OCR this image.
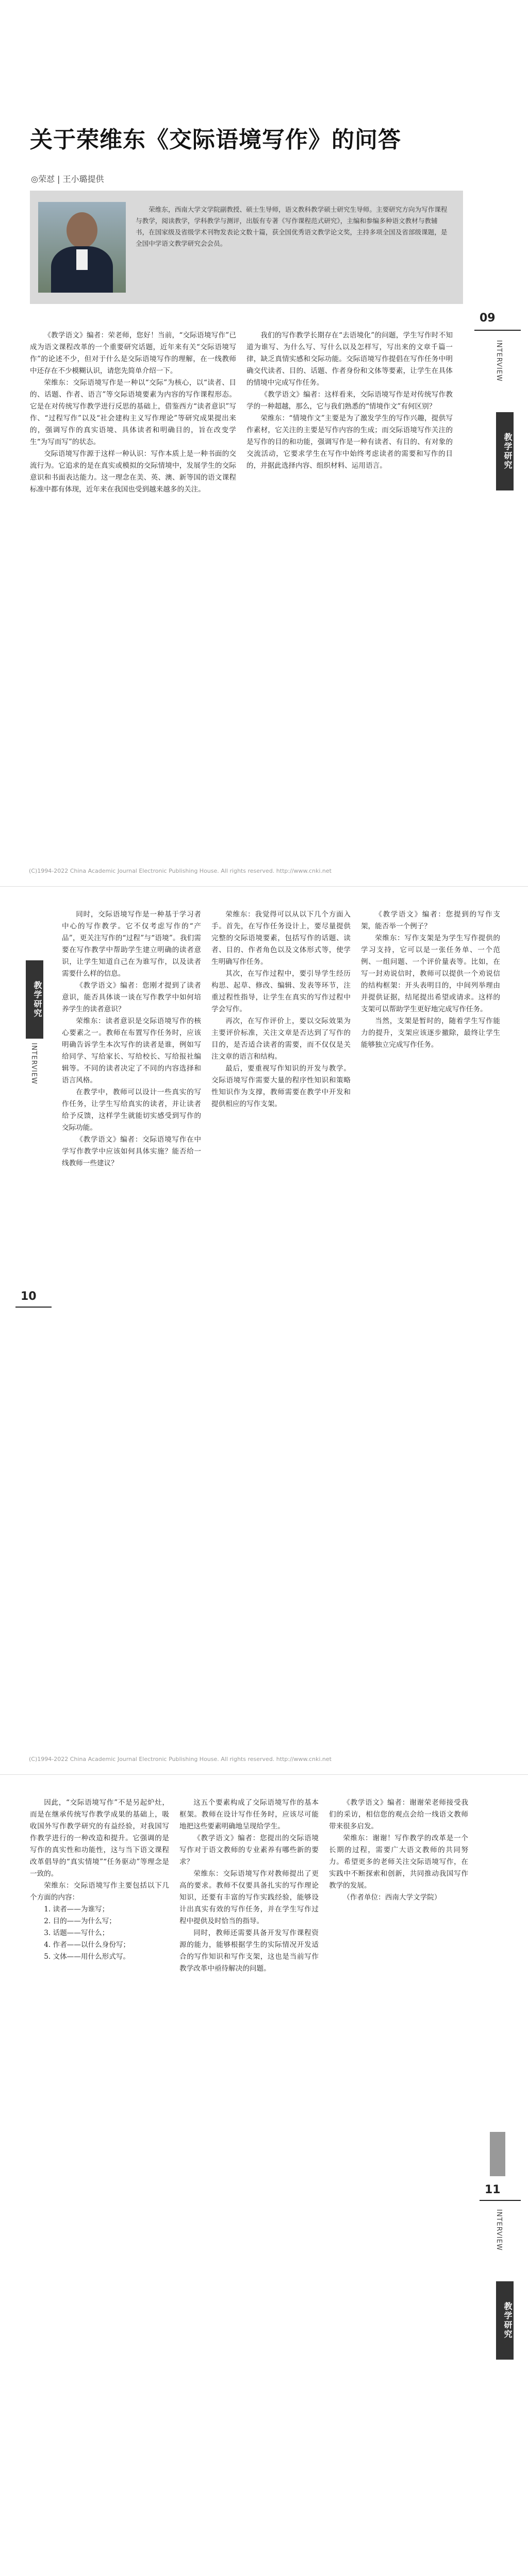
关于荣维东《交际语境写作》的问答
◎荣怼 | 王小璐提供
荣维东，西南大学文学院副教授、硕士生导师，语文教科教学硕士研究生导师。主要研究方向为写作课程与教学，阅读教学，学科教学与测评，出版有专著《写作课程范式研究》，主编和参编多种语文教材与教辅书，在国家级及省级学术刊物发表论文数十篇，获全国优秀语文教学论文奖，主持多项全国及省部级课题，是全国中学语文教学研究会会员。

《教学语文》编者：荣老师，您好！当前，“交际语境写作”已成为语文课程改革的一个重要研究话题，近年来有关“交际语境写作”的论述不少，但对于什么是交际语境写作的理解，在一线教师中还存在不少模糊认识，请您先简单介绍一下。

荣维东：交际语境写作是一种以“交际”为核心，以“读者、目的、话题、作者、语言”等交际语境要素为内容的写作课程形态。它是在对传统写作教学进行反思的基础上，借鉴西方“读者意识”写作、“过程写作”以及“社会建构主义写作理论”等研究成果提出来的，强调写作的真实语境、具体读者和明确目的，旨在改变学生“为写而写”的状态。

交际语境写作源于这样一种认识：写作本质上是一种书面的交流行为。它追求的是在真实或模拟的交际情境中，发展学生的交际意识和书面表达能力。这一理念在美、英、澳、新等国的语文课程标准中都有体现，近年来在我国也受到越来越多的关注。

我们的写作教学长期存在“去语境化”的问题，学生写作时不知道为谁写、为什么写、写什么以及怎样写，写出来的文章千篇一律，缺乏真情实感和交际功能。交际语境写作提倡在写作任务中明确交代读者、目的、话题、作者身份和文体等要素，让学生在具体的情境中完成写作任务。

《教学语文》编者：这样看来，交际语境写作是对传统写作教学的一种超越，那么，它与我们熟悉的“情境作文”有何区别？

荣维东：“情境作文”主要是为了激发学生的写作兴趣，提供写作素材，它关注的主要是写作内容的生成；而交际语境写作关注的是写作的目的和功能，强调写作是一种有读者、有目的、有对象的交流活动，它要求学生在写作中始终考虑读者的需要和写作的目的，并据此选择内容、组织材料、运用语言。

09
INTERVIEW
教学研究
(C)1994-2022 China Academic Journal Electronic Publishing House. All rights reserved. http://www.cnki.net

同时，交际语境写作是一种基于学习者中心的写作教学。它不仅考虑写作的“产品”，更关注写作的“过程”与“语境”。我们需要在写作教学中帮助学生建立明确的读者意识，让学生知道自己在为谁写作，以及读者需要什么样的信息。

《教学语文》编者：您刚才提到了读者意识，能否具体谈一谈在写作教学中如何培养学生的读者意识？

荣维东：读者意识是交际语境写作的核心要素之一。教师在布置写作任务时，应该明确告诉学生本次写作的读者是谁，例如写给同学、写给家长、写给校长、写给报社编辑等。不同的读者决定了不同的内容选择和语言风格。

在教学中，教师可以设计一些真实的写作任务，让学生写给真实的读者，并让读者给予反馈，这样学生就能切实感受到写作的交际功能。

《教学语文》编者：交际语境写作在中学写作教学中应该如何具体实施？能否给一线教师一些建议？

荣维东：我觉得可以从以下几个方面入手。首先，在写作任务设计上，要尽量提供完整的交际语境要素，包括写作的话题、读者、目的、作者角色以及文体形式等，使学生明确写作任务。

其次，在写作过程中，要引导学生经历构思、起草、修改、编辑、发表等环节，注重过程性指导，让学生在真实的写作过程中学会写作。

再次，在写作评价上，要以交际效果为主要评价标准，关注文章是否达到了写作的目的，是否适合读者的需要，而不仅仅是关注文章的语言和结构。

最后，要重视写作知识的开发与教学。交际语境写作需要大量的程序性知识和策略性知识作为支撑，教师需要在教学中开发和提供相应的写作支架。

《教学语文》编者：您提到的写作支架，能否举一个例子？

荣维东：写作支架是为学生写作提供的学习支持，它可以是一张任务单、一个范例、一组问题、一个评价量表等。比如，在写一封劝说信时，教师可以提供一个劝说信的结构框架：开头表明目的，中间列举理由并提供证据，结尾提出希望或请求。这样的支架可以帮助学生更好地完成写作任务。

当然，支架是暂时的，随着学生写作能力的提升，支架应该逐步撤除，最终让学生能够独立完成写作任务。

教学研究
INTERVIEW
10
(C)1994-2022 China Academic Journal Electronic Publishing House. All rights reserved. http://www.cnki.net

因此，“交际语境写作”不是另起炉灶，而是在继承传统写作教学成果的基础上，吸收国外写作教学研究的有益经验，对我国写作教学进行的一种改造和提升。它强调的是写作的真实性和功能性，这与当下语文课程改革倡导的“真实情境”“任务驱动”等理念是一致的。

荣维东：交际语境写作主要包括以下几个方面的内容：

1. 读者——为谁写；

2. 目的——为什么写；

3. 话题——写什么；

4. 作者——以什么身份写；

5. 文体——用什么形式写。

这五个要素构成了交际语境写作的基本框架。教师在设计写作任务时，应该尽可能地把这些要素明确地呈现给学生。

《教学语文》编者：您提出的交际语境写作对于语文教师的专业素养有哪些新的要求？

荣维东：交际语境写作对教师提出了更高的要求。教师不仅要具备扎实的写作理论知识，还要有丰富的写作实践经验，能够设计出真实有效的写作任务，并在学生写作过程中提供及时恰当的指导。

同时，教师还需要具备开发写作课程资源的能力，能够根据学生的实际情况开发适合的写作知识和写作支架，这也是当前写作教学改革中亟待解决的问题。

《教学语文》编者：谢谢荣老师接受我们的采访，相信您的观点会给一线语文教师带来很多启发。

荣维东：谢谢！写作教学的改革是一个长期的过程，需要广大语文教师的共同努力。希望更多的老师关注交际语境写作，在实践中不断探索和创新，共同推动我国写作教学的发展。

（作者单位：西南大学文学院）

11
INTERVIEW
教学研究
